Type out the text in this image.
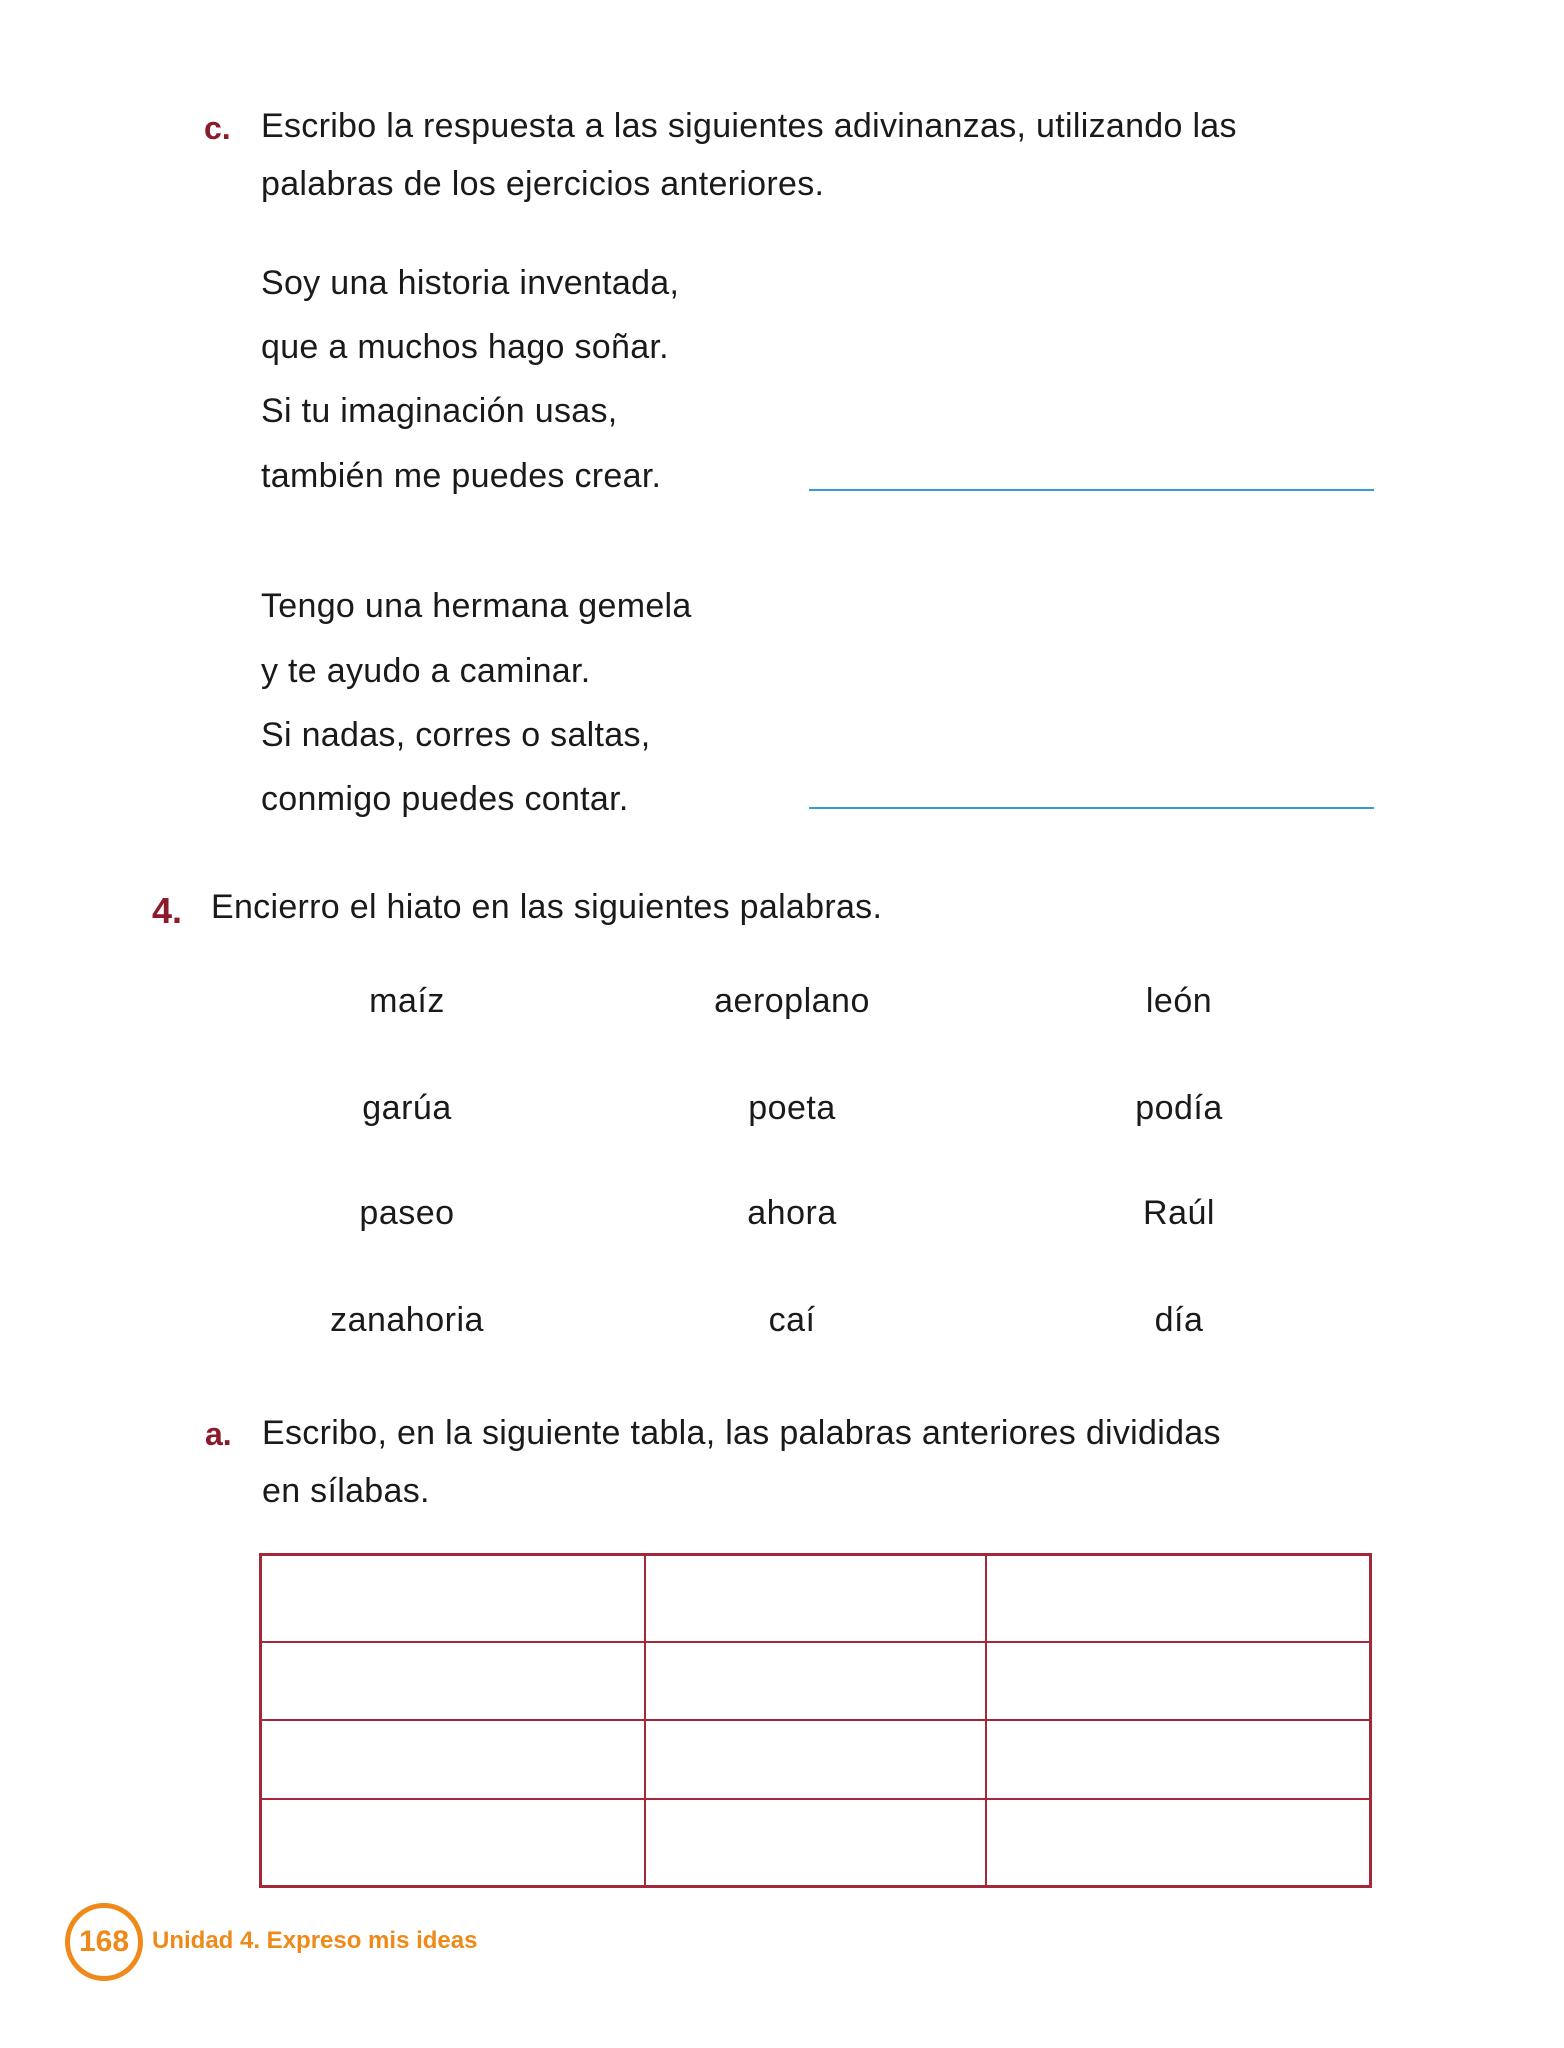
c. Escribo la respuesta a las siguientes adivinanzas, utilizando las
palabras de los ejercicios anteriores.
Soy una historia inventada,
que a muchos hago soñar.
Si tu imaginación usas,
también me puedes crear.
Tengo una hermana gemela
y te ayudo a caminar.
Si nadas, corres o saltas,
conmigo puedes contar.
4. Encierro el hiato en las siguientes palabras.
maíz	aeroplano	león
garúa	poeta	podía
paseo	ahora	Raúl
zanahoria	caí	día
a. Escribo, en la siguiente tabla, las palabras anteriores divididas
en sílabas.

168 Unidad 4. Expreso mis ideas
